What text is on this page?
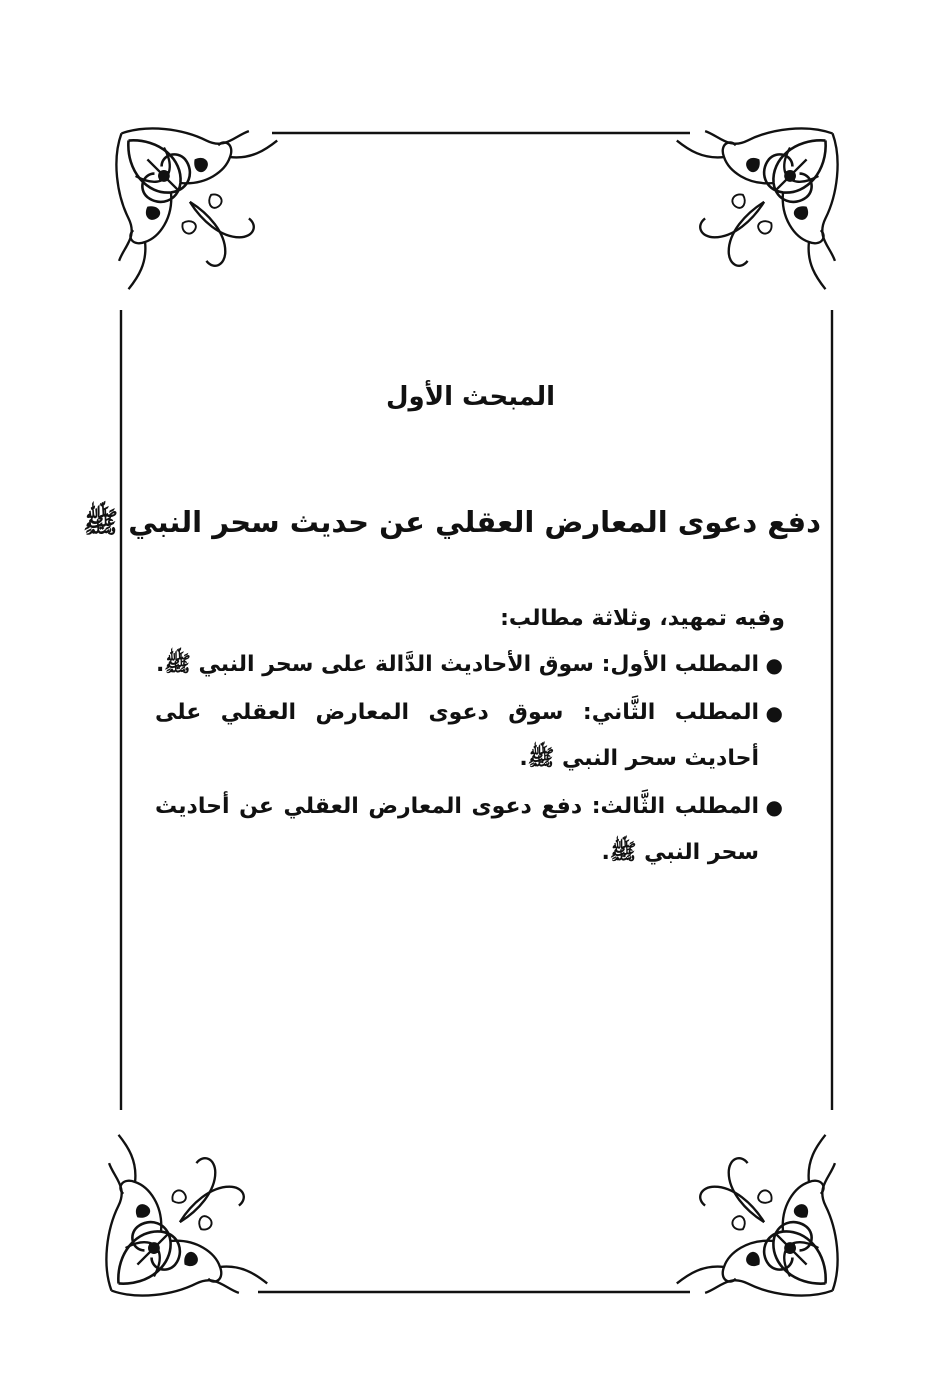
المبحث الأول
دفع دعوى المعارض العقلي عن حديث سحر النبي ﷺ

وفيه تمهيد، وثلاثة مطالب:

●
المطلب الأول: سوق الأحاديث الدَّالة على سحر النبي ﷺ.
●
المطلب الثَّاني: سوق دعوى المعارض العقلي على أحاديث سحر النبي ﷺ.
●
المطلب الثَّالث: دفع دعوى المعارض العقلي عن أحاديث سحر النبي ﷺ.
